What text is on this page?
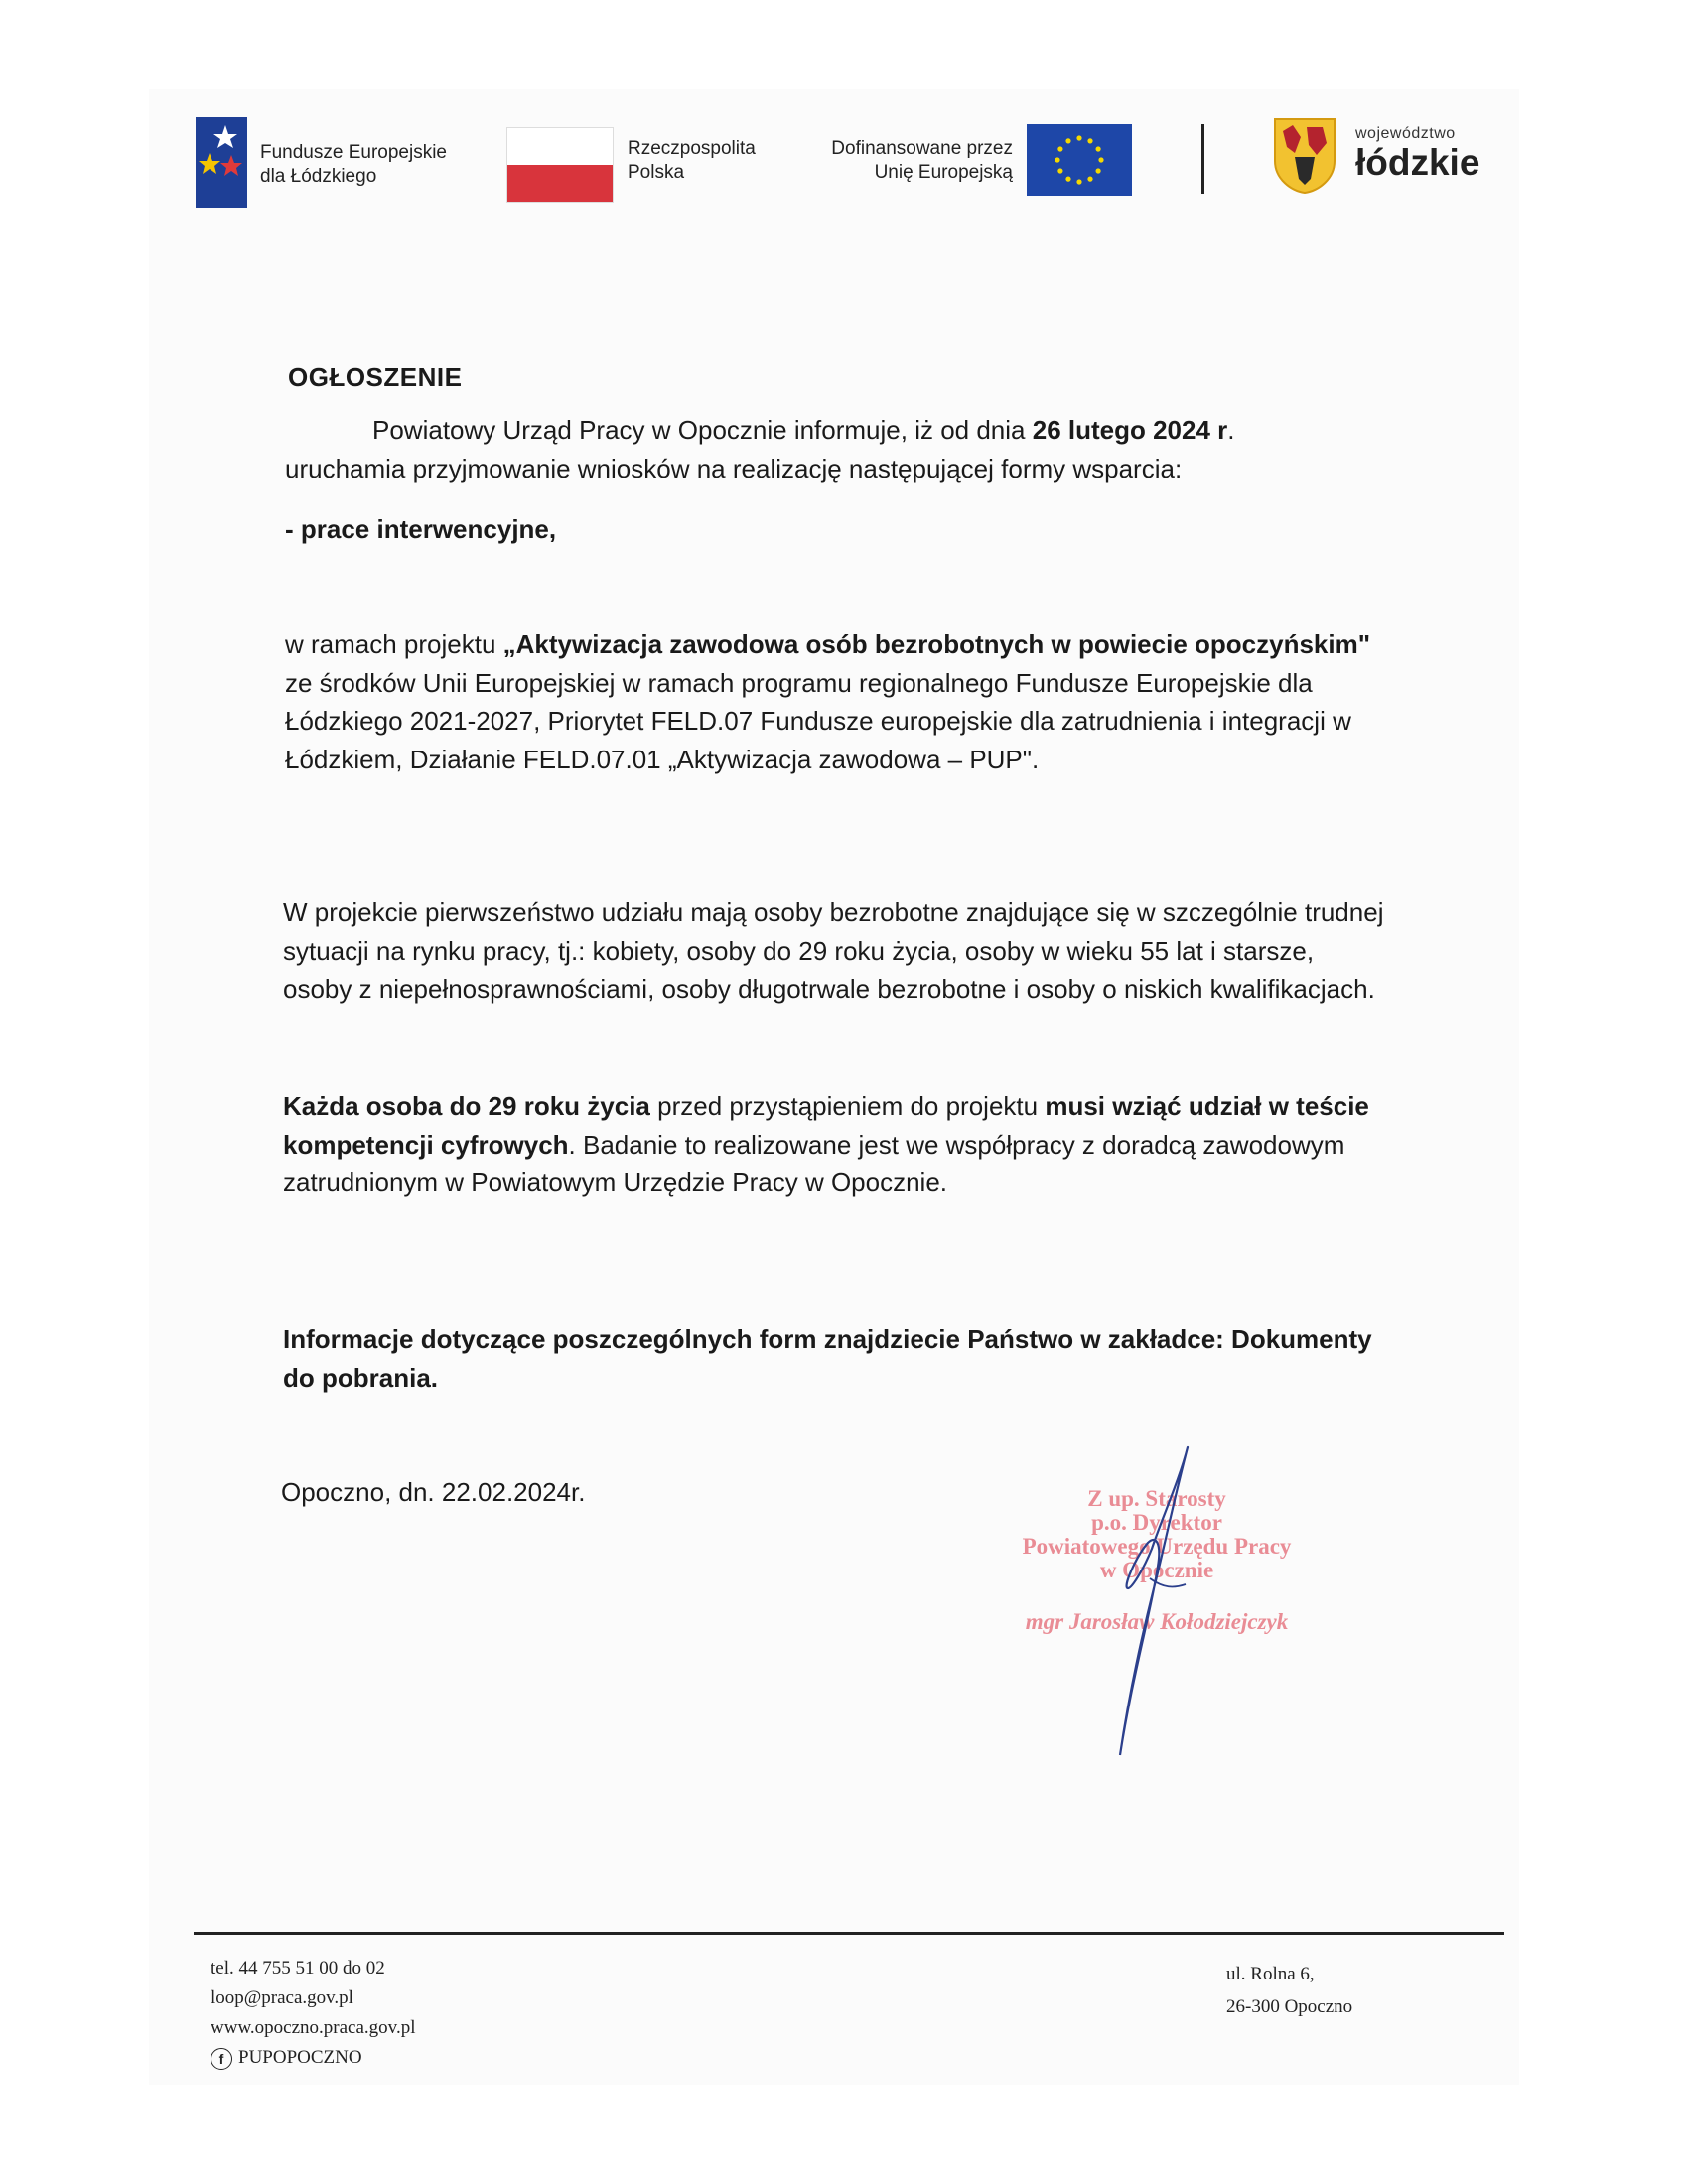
Fundusze Europejskie
dla Łódzkiego
Rzeczpospolita
Polska
Dofinansowane przez
Unię Europejską
województwo
łódzkie
OGŁOSZENIE

Powiatowy Urząd Pracy w Opocznie informuje, iż od dnia 26 lutego 2024 r.
uruchamia przyjmowanie wniosków na realizację następującej formy wsparcia:

- prace interwencyjne,

w ramach projektu „Aktywizacja zawodowa osób bezrobotnych w powiecie opoczyńskim" ze środków Unii Europejskiej w ramach programu regionalnego Fundusze Europejskie dla Łódzkiego 2021-2027, Priorytet FELD.07 Fundusze europejskie dla zatrudnienia i integracji w Łódzkiem, Działanie FELD.07.01 „Aktywizacja zawodowa – PUP".

W projekcie pierwszeństwo udziału mają osoby bezrobotne znajdujące się w szczególnie trudnej sytuacji na rynku pracy, tj.: kobiety, osoby do 29 roku życia, osoby w wieku 55 lat i starsze, osoby z niepełnosprawnościami, osoby długotrwale bezrobotne i osoby o niskich kwalifikacjach.

Każda osoba do 29 roku życia przed przystąpieniem do projektu musi wziąć udział w teście kompetencji cyfrowych. Badanie to realizowane jest we współpracy z doradcą zawodowym zatrudnionym w Powiatowym Urzędzie Pracy w Opocznie.

Informacje dotyczące poszczególnych form znajdziecie Państwo w zakładce: Dokumenty do pobrania.

Opoczno, dn. 22.02.2024r.	Z up. Starosty
p.o. Dyrektor
Powiatowego Urzędu Pracy
w Opocznie
mgr Jarosław Kołodziejczyk
tel. 44 755 51 00 do 02
loop@praca.gov.pl
www.opoczno.praca.gov.pl
f PUPOPOCZNO
ul. Rolna 6,
26-300 Opoczno
